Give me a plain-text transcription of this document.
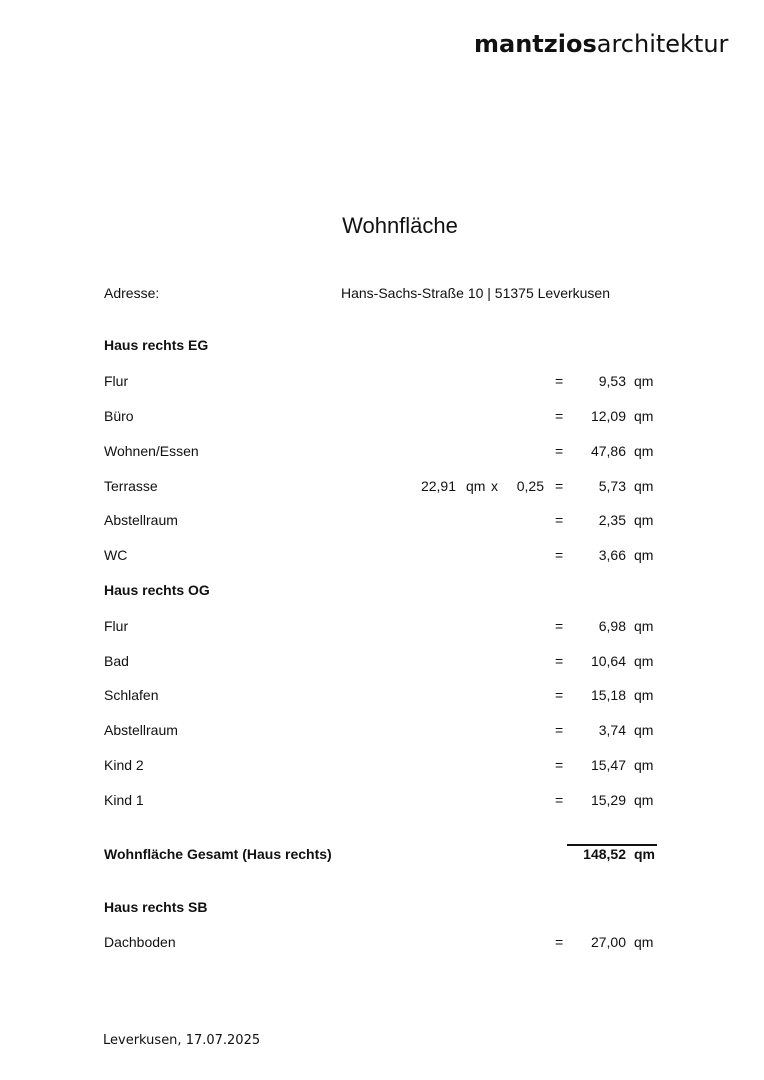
mantziosarchitektur
Wohnfläche
Adresse:	Hans-Sachs-Straße 10 | 51375 Leverkusen
Haus rechts EG
Flur	=	9,53 qm
Büro	= 12,09 qm
Wohnen/Essen	= 47,86 qm
Terrasse	22,91 qm x 0,25 =	5,73 qm
Abstellraum	=	2,35 qm
WC	=	3,66 qm
Haus rechts OG
Flur	=	6,98 qm
Bad	= 10,64 qm
Schlafen	= 15,18 qm
Abstellraum	=	3,74 qm
Kind 2	= 15,47 qm
Kind 1	= 15,29 qm
Wohnfläche Gesamt (Haus rechts)	148,52 qm
Haus rechts SB
Dachboden	= 27,00 qm
Leverkusen, 17.07.2025
